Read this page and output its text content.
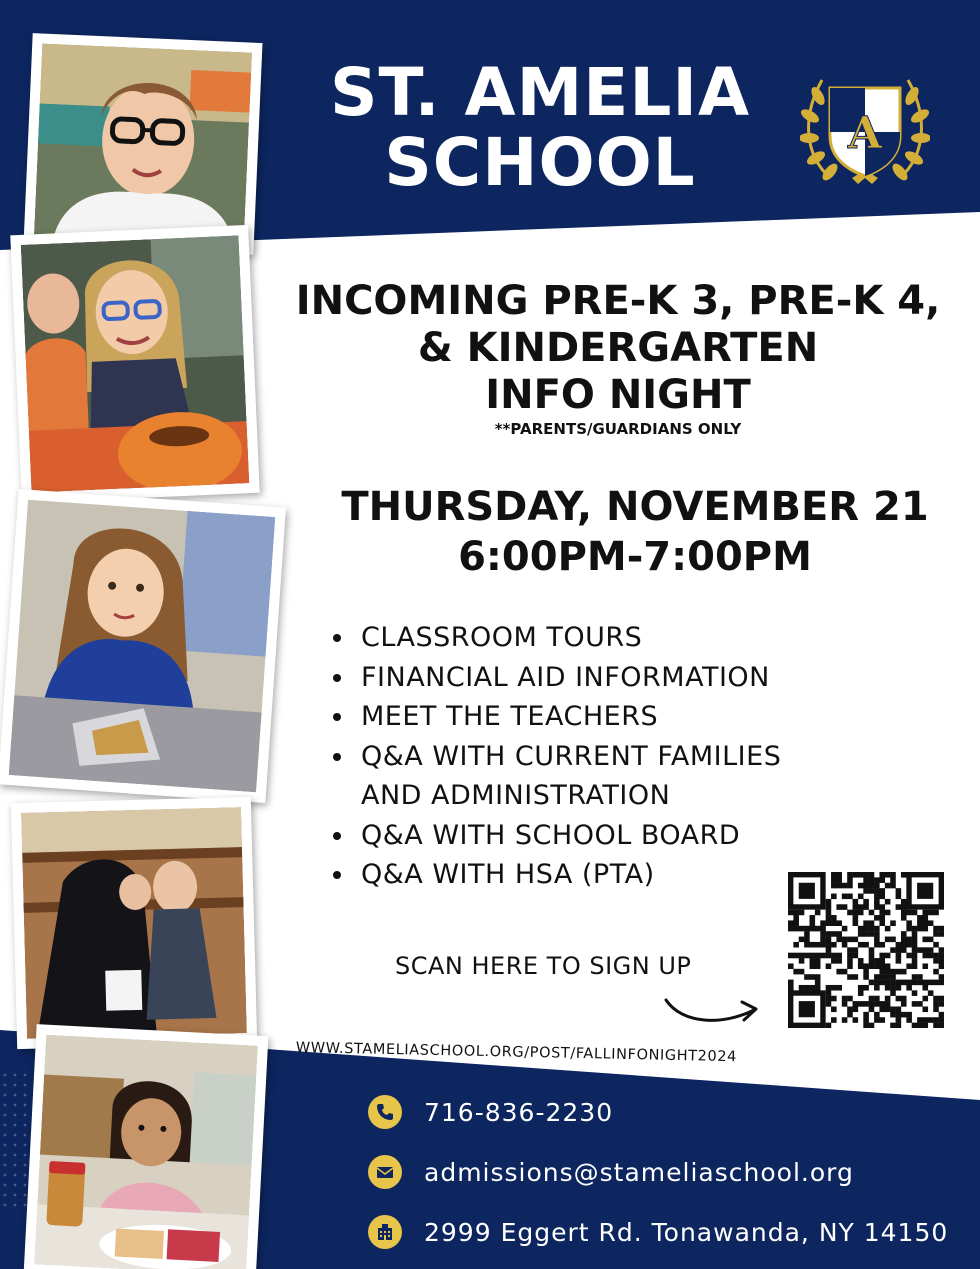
ST. AMELIA
SCHOOL	A
INCOMING PRE-K 3, PRE-K 4,
& KINDERGARTEN
INFO NIGHT
**PARENTS/GUARDIANS ONLY
THURSDAY, NOVEMBER 21
6:00PM-7:00PM
CLASSROOM TOURS
FINANCIAL AID INFORMATION
MEET THE TEACHERS
Q&A WITH CURRENT FAMILIES AND ADMINISTRATION
Q&A WITH SCHOOL BOARD
Q&A WITH HSA (PTA)
SCAN HERE TO SIGN UP
WWW.STAMELIASCHOOL.ORG/POST/FALLINFONIGHT2024
716-836-2230
admissions@stameliaschool.org
2999 Eggert Rd. Tonawanda, NY 14150
